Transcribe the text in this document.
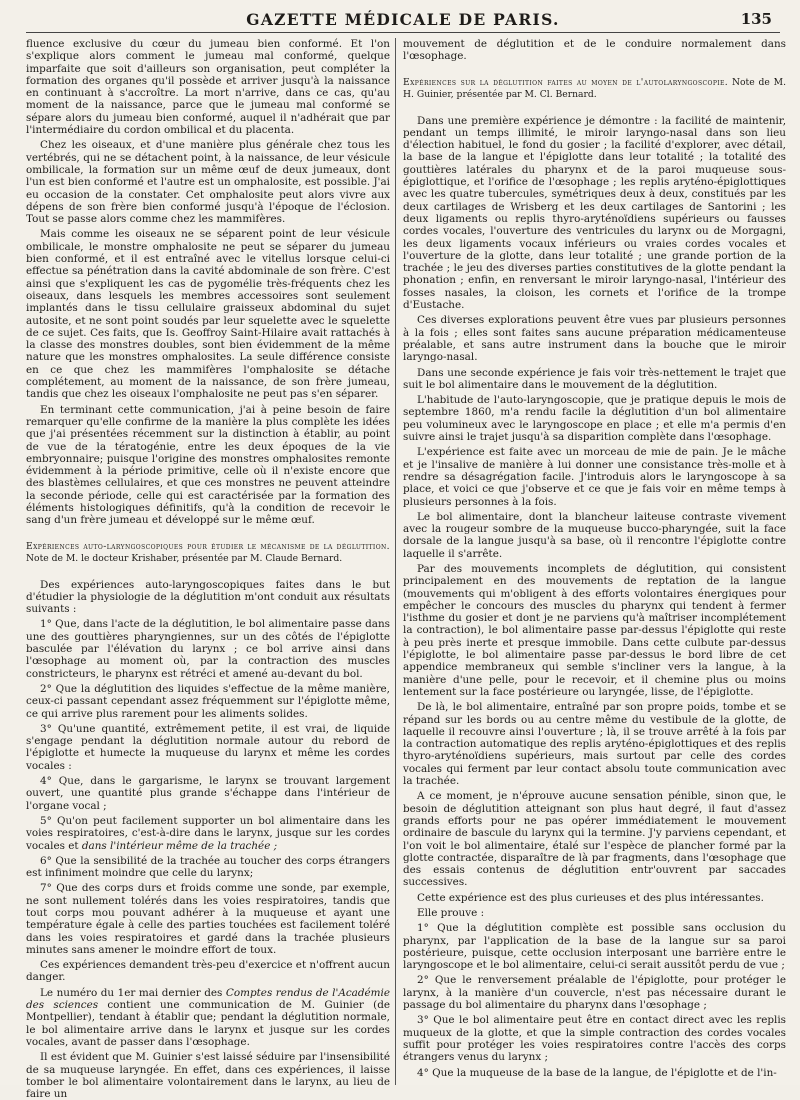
GAZETTE MÉDICALE DE PARIS.	135

fluence exclusive du cœur du jumeau bien conformé. Et l'on s'explique alors comment le jumeau mal conformé, quelque imparfaite que soit d'ailleurs son organisation, peut compléter la formation des organes qu'il possède et arriver jusqu'à la naissance en continuant à s'accroître. La mort n'arrive, dans ce cas, qu'au moment de la naissance, parce que le jumeau mal conformé se sépare alors du jumeau bien conformé, auquel il n'adhérait que par l'intermédiaire du cordon ombilical et du placenta.

Chez les oiseaux, et d'une manière plus générale chez tous les vertébrés, qui ne se détachent point, à la naissance, de leur vésicule ombilicale, la formation sur un même œuf de deux jumeaux, dont l'un est bien conformé et l'autre est un omphalosite, est possible. J'ai eu occasion de la constater. Cet omphalosite peut alors vivre aux dépens de son frère bien conformé jusqu'à l'époque de l'éclosion. Tout se passe alors comme chez les mammifères.

Mais comme les oiseaux ne se séparent point de leur vésicule ombilicale, le monstre omphalosite ne peut se séparer du jumeau bien conformé, et il est entraîné avec le vitellus lorsque celui-ci effectue sa pénétration dans la cavité abdominale de son frère. C'est ainsi que s'expliquent les cas de pygomélie très-fréquents chez les oiseaux, dans lesquels les membres accessoires sont seulement implantés dans le tissu cellulaire graisseux abdominal du sujet autosite, et ne sont point soudés par leur squelette avec le squelette de ce sujet. Ces faits, que Is. Geoffroy Saint-Hilaire avait rattachés à la classe des monstres doubles, sont bien évidemment de la même nature que les monstres omphalosites. La seule différence consiste en ce que chez les mammifères l'omphalosite se détache complétement, au moment de la naissance, de son frère jumeau, tandis que chez les oiseaux l'omphalosite ne peut pas s'en séparer.

En terminant cette communication, j'ai à peine besoin de faire remarquer qu'elle confirme de la manière la plus complète les idées que j'ai présentées récemment sur la distinction à établir, au point de vue de la tératogénie, entre les deux époques de la vie embryonnaire; puisque l'origine des monstres omphalosites remonte évidemment à la période primitive, celle où il n'existe encore que des blastèmes cellulaires, et que ces monstres ne peuvent atteindre la seconde période, celle qui est caractérisée par la formation des éléments histologiques définitifs, qu'à la condition de recevoir le sang d'un frère jumeau et développé sur le même œuf.

Expériences auto-laryngoscopiques pour étudier le mécanisme de la déglutition. Note de M. le docteur Krishaber, présentée par M. Claude Bernard.

Des expériences auto-laryngoscopiques faites dans le but d'étudier la physiologie de la déglutition m'ont conduit aux résultats suivants :

1° Que, dans l'acte de la déglutition, le bol alimentaire passe dans une des gouttières pharyngiennes, sur un des côtés de l'épiglotte basculée par l'élévation du larynx ; ce bol arrive ainsi dans l'œsophage au moment où, par la contraction des muscles constricteurs, le pharynx est rétréci et amené au-devant du bol.

2° Que la déglutition des liquides s'effectue de la même manière, ceux-ci passant cependant assez fréquemment sur l'épiglotte même, ce qui arrive plus rarement pour les aliments solides.

3° Qu'une quantité, extrêmement petite, il est vrai, de liquide s'engage pendant la déglutition normale autour du rebord de l'épiglotte et humecte la muqueuse du larynx et même les cordes vocales :

4° Que, dans le gargarisme, le larynx se trouvant largement ouvert, une quantité plus grande s'échappe dans l'intérieur de l'organe vocal ;

5° Qu'on peut facilement supporter un bol alimentaire dans les voies respiratoires, c'est-à-dire dans le larynx, jusque sur les cordes vocales et dans l'intérieur même de la trachée ;

6° Que la sensibilité de la trachée au toucher des corps étrangers est infiniment moindre que celle du larynx;

7° Que des corps durs et froids comme une sonde, par exemple, ne sont nullement tolérés dans les voies respiratoires, tandis que tout corps mou pouvant adhérer à la muqueuse et ayant une température égale à celle des parties touchées est facilement toléré dans les voies respiratoires et gardé dans la trachée plusieurs minutes sans amener le moindre effort de toux.

Ces expériences demandent très-peu d'exercice et n'offrent aucun danger.

Le numéro du 1er mai dernier des Comptes rendus de l'Académie des sciences contient une communication de M. Guinier (de Montpellier), tendant à établir que; pendant la déglutition normale, le bol alimentaire arrive dans le larynx et jusque sur les cordes vocales, avant de passer dans l'œsophage.

Il est évident que M. Guinier s'est laissé séduire par l'insensibilité de sa muqueuse laryngée. En effet, dans ces expériences, il laisse tomber le bol alimentaire volontairement dans le larynx, au lieu de faire un

mouvement de déglutition et de le conduire normalement dans l'œsophage.

Expériences sur la déglutition faites au moyen de l'autolaryngoscopie. Note de M. H. Guinier, présentée par M. Cl. Bernard.

Dans une première expérience je démontre : la facilité de maintenir, pendant un temps illimité, le miroir laryngo-nasal dans son lieu d'élection habituel, le fond du gosier ; la facilité d'explorer, avec détail, la base de la langue et l'épiglotte dans leur totalité ; la totalité des gouttières latérales du pharynx et de la paroi muqueuse sous-épiglottique, et l'orifice de l'œsophage ; les replis aryténo-épiglottiques avec les quatre tubercules, symétriques deux à deux, constitués par les deux cartilages de Wrisberg et les deux cartilages de Santorini ; les deux ligaments ou replis thyro-aryténoïdiens supérieurs ou fausses cordes vocales, l'ouverture des ventricules du larynx ou de Morgagni, les deux ligaments vocaux inférieurs ou vraies cordes vocales et l'ouverture de la glotte, dans leur totalité ; une grande portion de la trachée ; le jeu des diverses parties constitutives de la glotte pendant la phonation ; enfin, en renversant le miroir laryngo-nasal, l'intérieur des fosses nasales, la cloison, les cornets et l'orifice de la trompe d'Eustache.

Ces diverses explorations peuvent être vues par plusieurs personnes à la fois ; elles sont faites sans aucune préparation médicamenteuse préalable, et sans autre instrument dans la bouche que le miroir laryngo-nasal.

Dans une seconde expérience je fais voir très-nettement le trajet que suit le bol alimentaire dans le mouvement de la déglutition.

L'habitude de l'auto-laryngoscopie, que je pratique depuis le mois de septembre 1860, m'a rendu facile la déglutition d'un bol alimentaire peu volumineux avec le laryngoscope en place ; et elle m'a permis d'en suivre ainsi le trajet jusqu'à sa disparition complète dans l'œsophage.

L'expérience est faite avec un morceau de mie de pain. Je le mâche et je l'insalive de manière à lui donner une consistance très-molle et à rendre sa désagrégation facile. J'introduis alors le laryngoscope à sa place, et voici ce que j'observe et ce que je fais voir en même temps à plusieurs personnes à la fois.

Le bol alimentaire, dont la blancheur laiteuse contraste vivement avec la rougeur sombre de la muqueuse bucco-pharyngée, suit la face dorsale de la langue jusqu'à sa base, où il rencontre l'épiglotte contre laquelle il s'arrête.

Par des mouvements incomplets de déglutition, qui consistent principalement en des mouvements de reptation de la langue (mouvements qui m'obligent à des efforts volontaires énergiques pour empêcher le concours des muscles du pharynx qui tendent à fermer l'isthme du gosier et dont je ne parviens qu'à maîtriser incomplétement la contraction), le bol alimentaire passe par-dessus l'épiglotte qui reste à peu près inerte et presque immobile. Dans cette culbute par-dessus l'épiglotte, le bol alimentaire passe par-dessus le bord libre de cet appendice membraneux qui semble s'incliner vers la langue, à la manière d'une pelle, pour le recevoir, et il chemine plus ou moins lentement sur la face postérieure ou laryngée, lisse, de l'épiglotte.

De là, le bol alimentaire, entraîné par son propre poids, tombe et se répand sur les bords ou au centre même du vestibule de la glotte, de laquelle il recouvre ainsi l'ouverture ; là, il se trouve arrêté à la fois par la contraction automatique des replis aryténo-épiglottiques et des replis thyro-aryténoïdiens supérieurs, mais surtout par celle des cordes vocales qui ferment par leur contact absolu toute communication avec la trachée.

A ce moment, je n'éprouve aucune sensation pénible, sinon que, le besoin de déglutition atteignant son plus haut degré, il faut d'assez grands efforts pour ne pas opérer immédiatement le mouvement ordinaire de bascule du larynx qui la termine. J'y parviens cependant, et l'on voit le bol alimentaire, étalé sur l'espèce de plancher formé par la glotte contractée, disparaître de là par fragments, dans l'œsophage que des essais contenus de déglutition entr'ouvrent par saccades successives.

Cette expérience est des plus curieuses et des plus intéressantes.

Elle prouve :

1° Que la déglutition complète est possible sans occlusion du pharynx, par l'application de la base de la langue sur sa paroi postérieure, puisque, cette occlusion interposant une barrière entre le laryngoscope et le bol alimentaire, celui-ci serait aussitôt perdu de vue ;

2° Que le renversement préalable de l'épiglotte, pour protéger le larynx, à la manière d'un couvercle, n'est pas nécessaire durant le passage du bol alimentaire du pharynx dans l'œsophage ;

3° Que le bol alimentaire peut être en contact direct avec les replis muqueux de la glotte, et que la simple contraction des cordes vocales suffit pour protéger les voies respiratoires contre l'accès des corps étrangers venus du larynx ;

4° Que la muqueuse de la base de la langue, de l'épiglotte et de l'in-
